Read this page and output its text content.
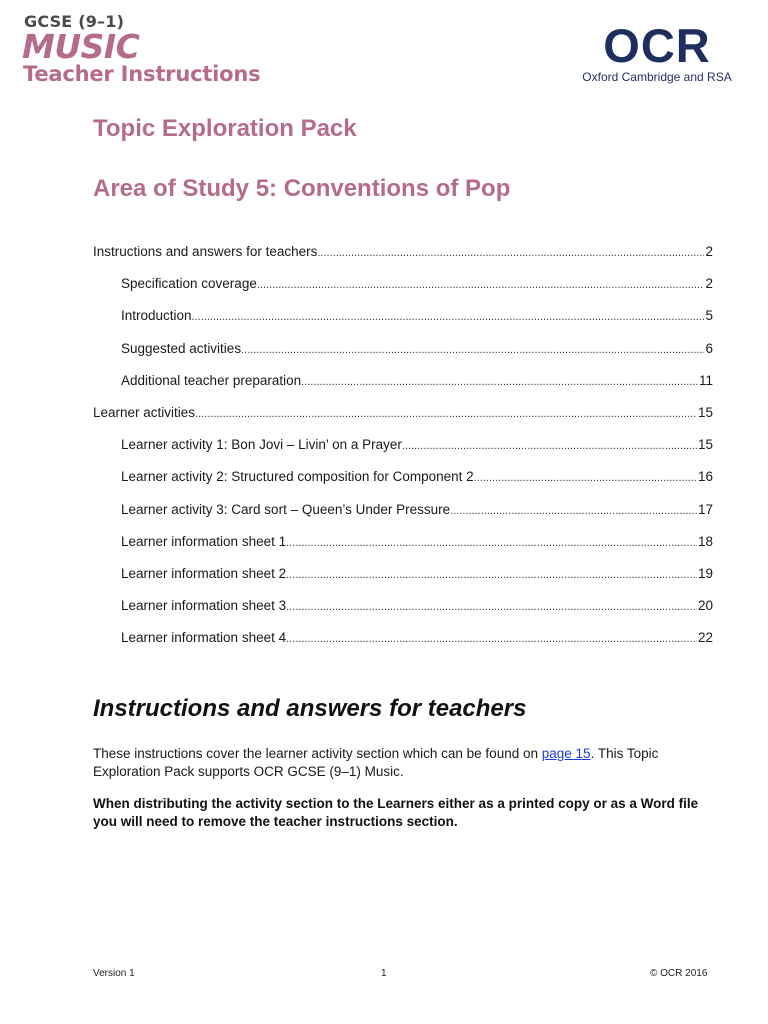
GCSE (9–1)
MUSIC
Teacher Instructions
OCR
Oxford Cambridge and RSA
Topic Exploration Pack
Area of Study 5: Conventions of Pop
Instructions and answers for teachers .....	2
Specification coverage .....	2
Introduction .....	5
Suggested activities .....	6
Additional teacher preparation .....	11
Learner activities .....	15
Learner activity 1: Bon Jovi – Livin’ on a Prayer .....	15
Learner activity 2: Structured composition for Component 2 .....	16
Learner activity 3: Card sort – Queen’s Under Pressure .....	17
Learner information sheet 1 .....	18
Learner information sheet 2 .....	19
Learner information sheet 3 .....	20
Learner information sheet 4 .....	22
Instructions and answers for teachers

These instructions cover the learner activity section which can be found on page 15. This Topic Exploration Pack supports OCR GCSE (9–1) Music.

When distributing the activity section to the Learners either as a printed copy or as a Word file you will need to remove the teacher instructions section.

Version 1	1	© OCR 2016
